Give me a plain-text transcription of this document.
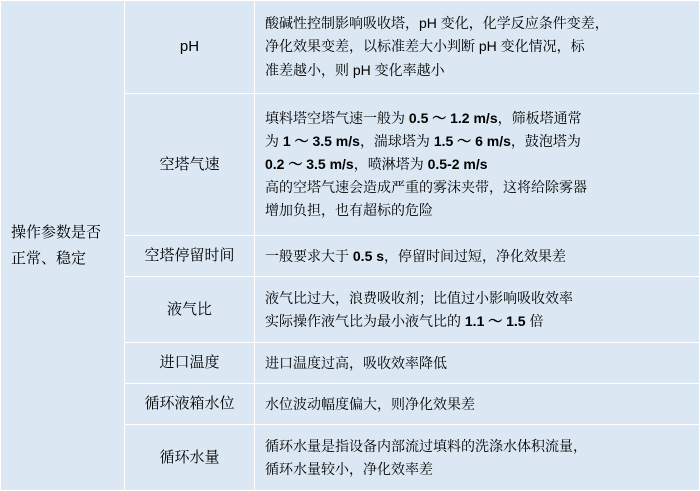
操作参数是否正常、稳定	pH	酸碱性控制影响吸收塔，pH 变化，化学反应条件变差，
净化效果变差，以标准差大小判断 pH 变化情况，标
准差越小，则 pH 变化率越小

	空塔气速	填料塔空塔气速一般为 0.5 ～ 1.2 m/s，筛板塔通常
为 1 ～ 3.5 m/s，湍球塔为 1.5 ～ 6 m/s，鼓泡塔为
0.2 ～ 3.5 m/s，喷淋塔为 0.5-2 m/s
高的空塔气速会造成严重的雾沫夹带，这将给除雾器
增加负担，也有超标的危险

	空塔停留时间	一般要求大于 0.5 s，停留时间过短，净化效果差

	液气比	液气比过大，浪费吸收剂；比值过小影响吸收效率
实际操作液气比为最小液气比的 1.1 ～ 1.5 倍

	进口温度	进口温度过高，吸收效率降低

	循环液箱水位	水位波动幅度偏大，则净化效果差

	循环水量	循环水量是指设备内部流过填料的洗涤水体积流量，
循环水量较小，净化效率差
